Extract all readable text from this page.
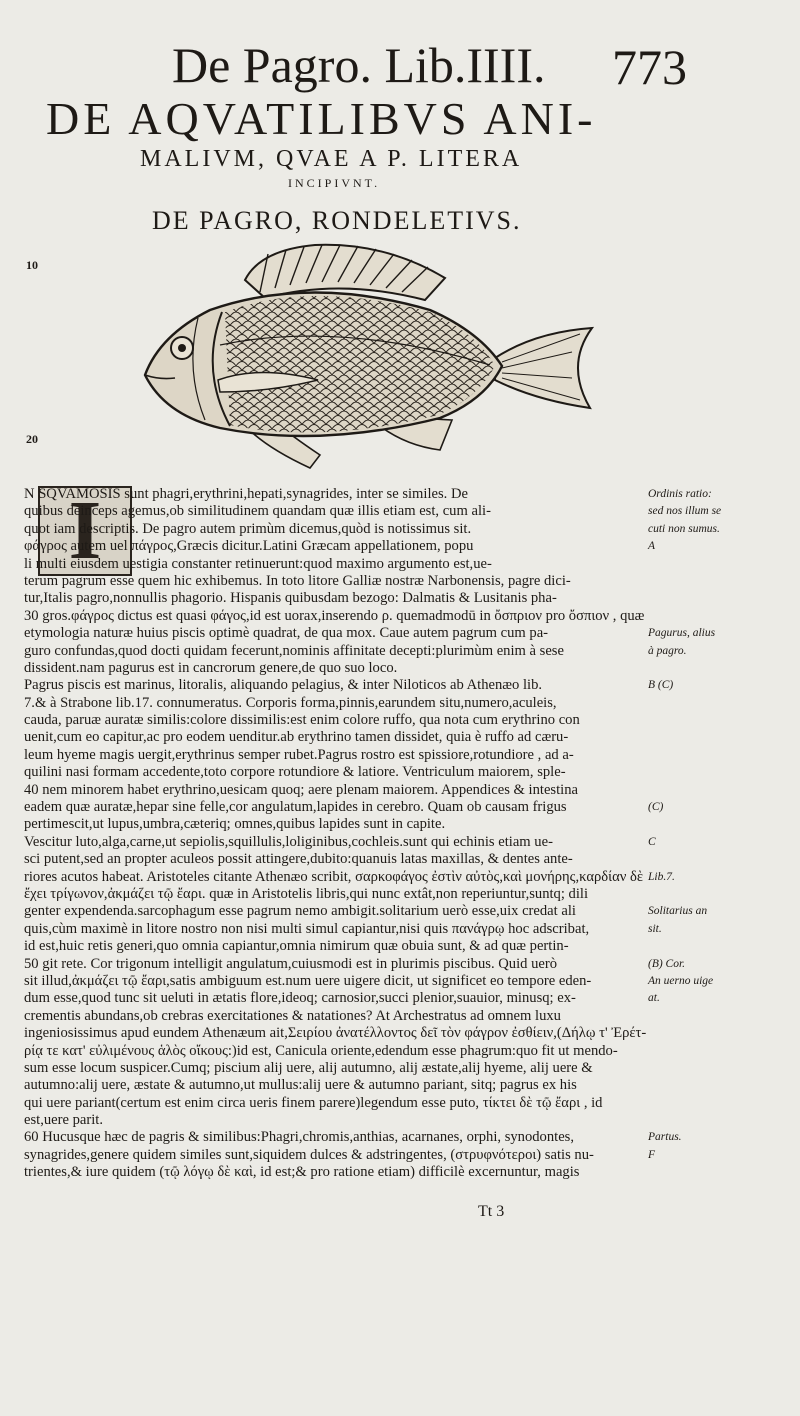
De Pagro. Lib.IIII. 773
DE AQVATILIBVS ANI-
MALIVM, QVAE A P. LITERA
INCIPIVNT.
DE PAGRO, RONDELETIVS.
10
20
I
N SQVAMOSIS sunt phagri,erythrini,hepati,synagrides, inter se similes. De
quibus deinceps agemus,ob similitudinem quandam quæ illis etiam est, cum ali-
quot iam descriptis. De pagro autem primùm dicemus,quòd is notissimus sit.
φάγρος autem uel πάγρος,Græcis dicitur.Latini Græcam appellationem, popu
li multi eiusdem uestigia constanter retinuerunt:quod maximo argumento est,ue-
terum pagrum esse quem hic exhibemus. In toto litore Galliæ nostræ Narbonensis, pagre dici-
tur,Italis pagro,nonnullis phagorio. Hispanis quibusdam bezogo: Dalmatis & Lusitanis pha-
30 gros.φάγρος dictus est quasi φάγος,id est uorax,inserendo ρ. quemadmodū in ὄσπριον pro ὄσπιον , quæ
etymologia naturæ huius piscis optimè quadrat, de qua mox. Caue autem pagrum cum pa-
guro confundas,quod docti quidam fecerunt,nominis affinitate decepti:plurimùm enim à sese
dissident.nam pagurus est in cancrorum genere,de quo suo loco.
Pagrus piscis est marinus, litoralis, aliquando pelagius, & inter Niloticos ab Athenæo lib.
7.& à Strabone lib.17. connumeratus. Corporis forma,pinnis,earundem situ,numero,aculeis,
cauda, paruæ auratæ similis:colore dissimilis:est enim colore ruffo, qua nota cum erythrino con
uenit,cum eo capitur,ac pro eodem uenditur.ab erythrino tamen dissidet, quia è ruffo ad cæru-
leum hyeme magis uergit,erythrinus semper rubet.Pagrus rostro est spissiore,rotundiore , ad a-
quilini nasi formam accedente,toto corpore rotundiore & latiore. Ventriculum maiorem, sple-
40 nem minorem habet erythrino,uesicam quoq; aere plenam maiorem. Appendices & intestina
eadem quæ auratæ,hepar sine felle,cor angulatum,lapides in cerebro. Quam ob causam frigus
pertimescit,ut lupus,umbra,cæteriq; omnes,quibus lapides sunt in capite.
Vescitur luto,alga,carne,ut sepiolis,squillulis,loliginibus,cochleis.sunt qui echinis etiam ue-
sci putent,sed an propter aculeos possit attingere,dubito:quanuis latas maxillas, & dentes ante-
riores acutos habeat. Aristoteles citante Athenæo scribit, σαρκοφάγος ἐστὶν αὐτὸς,καὶ μονήρης,καρδίαν δὲ
ἔχει τρίγωνον,ἀκμάζει τῷ ἔαρι. quæ in Aristotelis libris,qui nunc extât,non reperiuntur,suntq; dili
genter expendenda.sarcophagum esse pagrum nemo ambigit.solitarium uerò esse,uix credat ali
quis,cùm maximè in litore nostro non nisi multi simul capiantur,nisi quis πανάγρῳ hoc adscribat,
id est,huic retis generi,quo omnia capiantur,omnia nimirum quæ obuia sunt, & ad quæ pertin-
50 git rete. Cor trigonum intelligit angulatum,cuiusmodi est in plurimis piscibus. Quid uerò
sit illud,ἀκμάζει τῷ ἔαρι,satis ambiguum est.num uere uigere dicit, ut significet eo tempore eden-
dum esse,quod tunc sit ueluti in ætatis flore,ideoq; carnosior,succi plenior,suauior, minusq; ex-
crementis abundans,ob crebras exercitationes & natationes? At Archestratus ad omnem luxu
ingeniosissimus apud eundem Athenæum ait,Σειρίου ἀνατέλλοντος δεῖ τὸν φάγρον ἐσθίειν,(Δήλῳ τ' Ἐρέτ-
ρίᾳ τε κατ' εὐλιμένους ἁλὸς οἴκους:)id est, Canicula oriente,edendum esse phagrum:quo fit ut mendo-
sum esse locum suspicer.Cumq; piscium alij uere, alij autumno, alij æstate,alij hyeme, alij uere &
autumno:alij uere, æstate & autumno,ut mullus:alij uere & autumno pariant, sitq; pagrus ex his
qui uere pariant(certum est enim circa ueris finem parere)legendum esse puto, τίκτει δὲ τῷ ἔαρι , id
est,uere parit.
60 Hucusque hæc de pagris & similibus:Phagri,chromis,anthias, acarnanes, orphi, synodontes,
synagrides,genere quidem similes sunt,siquidem dulces & adstringentes, (στρυφνότεροι) satis nu-
trientes,& iure quidem (τῷ λόγῳ δὲ καὶ, id est;& pro ratione etiam) difficilè excernuntur, magis
Ordinis ratio:
sed nos illum se
cuti non sumus.
A
Pagurus, alius
à pagro.
B (C)
(C)
C
Lib.7.
Solitarius an
sit.
(B) Cor.
An uerno uige
at.
Partus.
F
Tt 3
